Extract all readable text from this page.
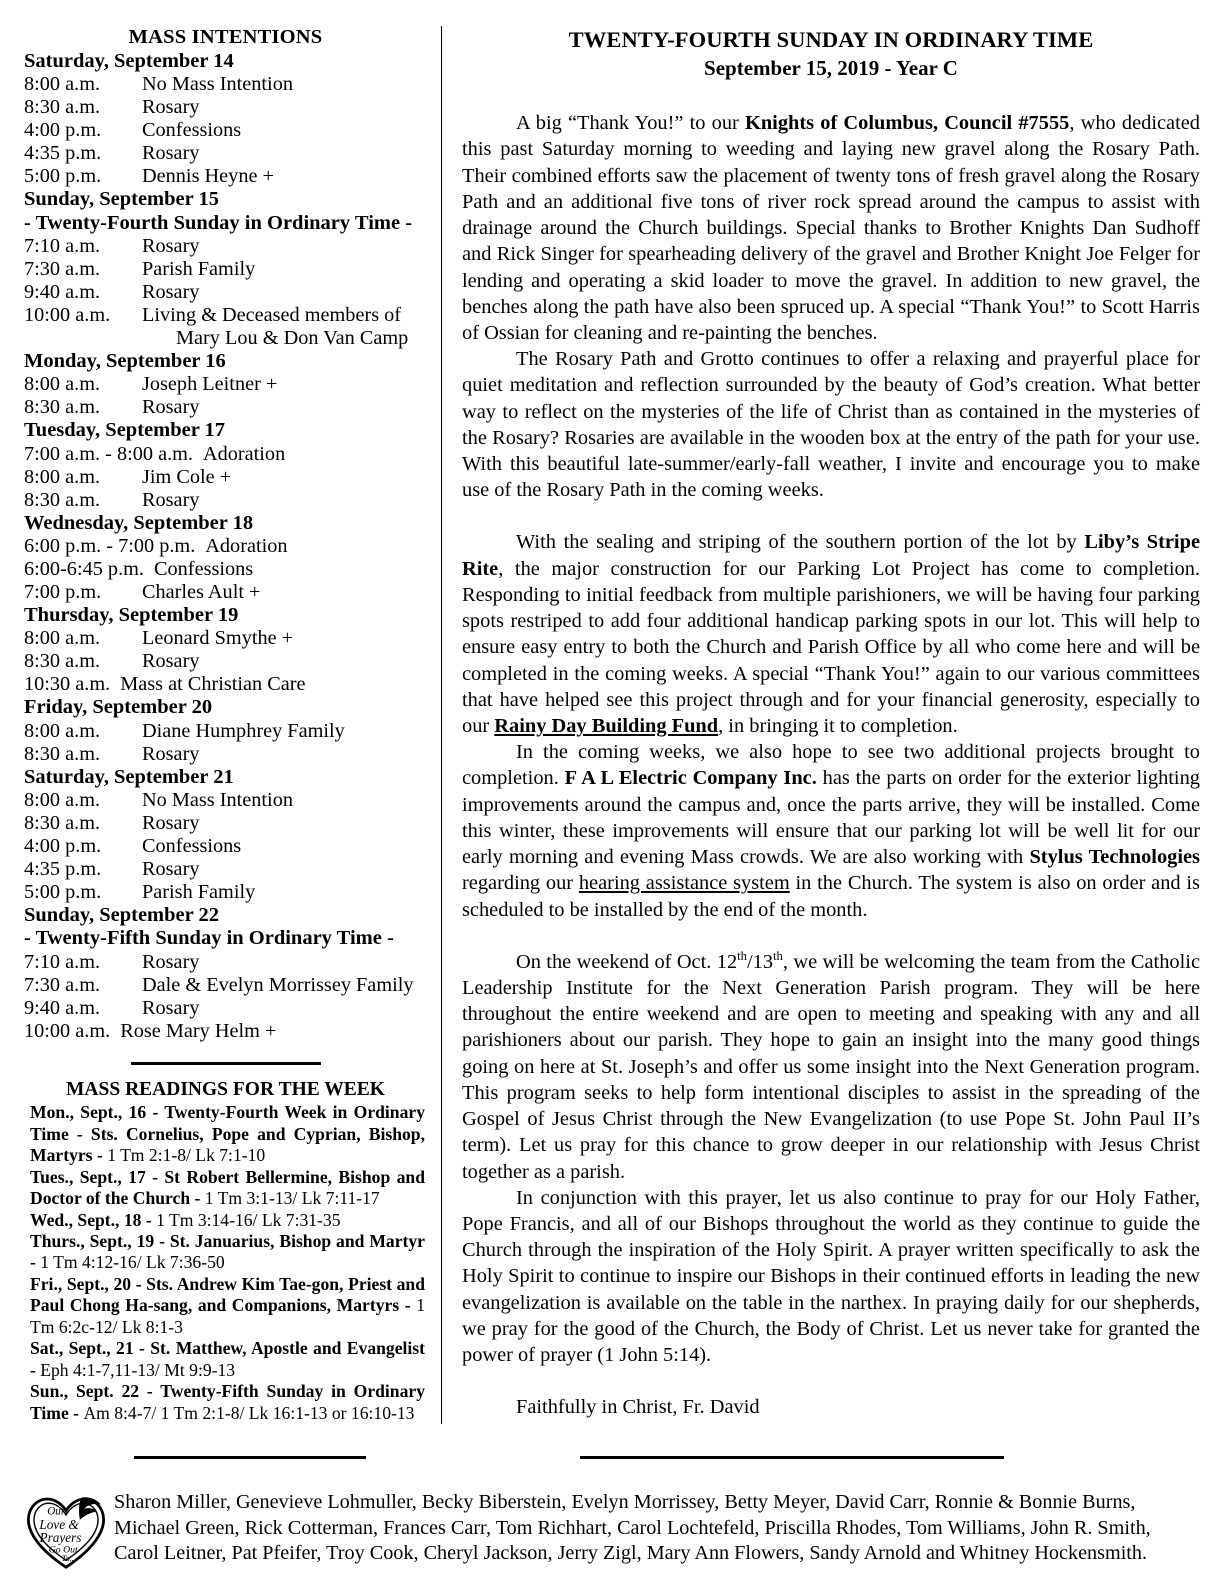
MASS INTENTIONS
Saturday, September 14
8:00 a.m.	No Mass Intention
8:30 a.m.	Rosary
4:00 p.m.	Confessions
4:35 p.m.	Rosary
5:00 p.m.	Dennis Heyne +
Sunday, September 15
- Twenty-Fourth Sunday in Ordinary Time -
7:10 a.m.	Rosary
7:30 a.m.	Parish Family
9:40 a.m.	Rosary
10:00 a.m.	Living & Deceased members of
Mary Lou & Don Van Camp
Monday, September 16
8:00 a.m.	Joseph Leitner +
8:30 a.m.	Rosary
Tuesday, September 17
7:00 a.m. - 8:00 a.m. Adoration
8:00 a.m.	Jim Cole +
8:30 a.m.	Rosary
Wednesday, September 18
6:00 p.m. - 7:00 p.m. Adoration
6:00-6:45 p.m. Confessions
7:00 p.m.	Charles Ault +
Thursday, September 19
8:00 a.m.	Leonard Smythe +
8:30 a.m.	Rosary
10:30 a.m. Mass at Christian Care
Friday, September 20
8:00 a.m.	Diane Humphrey Family
8:30 a.m.	Rosary
Saturday, September 21
8:00 a.m.	No Mass Intention
8:30 a.m.	Rosary
4:00 p.m.	Confessions
4:35 p.m.	Rosary
5:00 p.m.	Parish Family
Sunday, September 22
- Twenty-Fifth Sunday in Ordinary Time -
7:10 a.m.	Rosary
7:30 a.m.	Dale & Evelyn Morrissey Family
9:40 a.m.	Rosary
10:00 a.m. Rose Mary Helm +
MASS READINGS FOR THE WEEK

Mon., Sept., 16 - Twenty-Fourth Week in Ordinary Time - Sts. Cornelius, Pope and Cyprian, Bishop, Martyrs - 1 Tm 2:1-8/ Lk 7:1-10

Tues., Sept., 17 - St Robert Bellermine, Bishop and Doctor of the Church - 1 Tm 3:1-13/ Lk 7:11-17

Wed., Sept., 18 - 1 Tm 3:14-16/ Lk 7:31-35

Thurs., Sept., 19 - St. Januarius, Bishop and Martyr - 1 Tm 4:12-16/ Lk 7:36-50

Fri., Sept., 20 - Sts. Andrew Kim Tae-gon, Priest and Paul Chong Ha-sang, and Companions, Martyrs - 1 Tm 6:2c-12/ Lk 8:1-3

Sat., Sept., 21 - St. Matthew, Apostle and Evangelist - Eph 4:1-7,11-13/ Mt 9:9-13

Sun., Sept. 22 - Twenty-Fifth Sunday in Ordinary Time - Am 8:4-7/ 1 Tm 2:1-8/ Lk 16:1-13 or 16:10-13

TWENTY-FOURTH SUNDAY IN ORDINARY TIME
September 15, 2019 - Year C

A big “Thank You!” to our Knights of Columbus, Council #7555, who dedicated this past Saturday morning to weeding and laying new gravel along the Rosary Path. Their combined efforts saw the placement of twenty tons of fresh gravel along the Rosary Path and an additional five tons of river rock spread around the campus to assist with drainage around the Church buildings. Special thanks to Brother Knights Dan Sudhoff and Rick Singer for spearheading delivery of the gravel and Brother Knight Joe Felger for lending and operating a skid loader to move the gravel. In addition to new gravel, the benches along the path have also been spruced up. A special “Thank You!” to Scott Harris of Ossian for cleaning and re-painting the benches.

The Rosary Path and Grotto continues to offer a relaxing and prayerful place for quiet meditation and reflection surrounded by the beauty of God’s creation. What better way to reflect on the mysteries of the life of Christ than as contained in the mysteries of the Rosary? Rosaries are available in the wooden box at the entry of the path for your use. With this beautiful late-summer/early-fall weather, I invite and encourage you to make use of the Rosary Path in the coming weeks.

With the sealing and striping of the southern portion of the lot by Liby’s Stripe Rite, the major construction for our Parking Lot Project has come to completion. Responding to initial feedback from multiple parishioners, we will be having four parking spots restriped to add four additional handicap parking spots in our lot. This will help to ensure easy entry to both the Church and Parish Office by all who come here and will be completed in the coming weeks. A special “Thank You!” again to our various committees that have helped see this project through and for your financial generosity, especially to our Rainy Day Building Fund, in bringing it to completion.

In the coming weeks, we also hope to see two additional projects brought to completion. F A L Electric Company Inc. has the parts on order for the exterior lighting improvements around the campus and, once the parts arrive, they will be installed. Come this winter, these improvements will ensure that our parking lot will be well lit for our early morning and evening Mass crowds. We are also working with Stylus Technologies regarding our hearing assistance system in the Church. The system is also on order and is scheduled to be installed by the end of the month.

On the weekend of Oct. 12th/13th, we will be welcoming the team from the Catholic Leadership Institute for the Next Generation Parish program. They will be here throughout the entire weekend and are open to meeting and speaking with any and all parishioners about our parish. They hope to gain an insight into the many good things going on here at St. Joseph’s and offer us some insight into the Next Generation program. This program seeks to help form intentional disciples to assist in the spreading of the Gospel of Jesus Christ through the New Evangelization (to use Pope St. John Paul II’s term). Let us pray for this chance to grow deeper in our relationship with Jesus Christ together as a parish.

In conjunction with this prayer, let us also continue to pray for our Holy Father, Pope Francis, and all of our Bishops throughout the world as they continue to guide the Church through the inspiration of the Holy Spirit. A prayer written specifically to ask the Holy Spirit to continue to inspire our Bishops in their continued efforts in leading the new evangelization is available on the table in the narthex. In praying daily for our shepherds, we pray for the good of the Church, the Body of Christ. Let us never take for granted the power of prayer (1 John 5:14).

Faithfully in Christ, Fr. David
Our
Love &
Prayers
Go Out
To...
Sharon Miller, Genevieve Lohmuller, Becky Biberstein, Evelyn Morrissey, Betty Meyer, David Carr, Ronnie & Bonnie Burns,
Michael Green, Rick Cotterman, Frances Carr, Tom Richhart, Carol Lochtefeld, Priscilla Rhodes, Tom Williams, John R. Smith,
Carol Leitner, Pat Pfeifer, Troy Cook, Cheryl Jackson, Jerry Zigl, Mary Ann Flowers, Sandy Arnold and Whitney Hockensmith.
